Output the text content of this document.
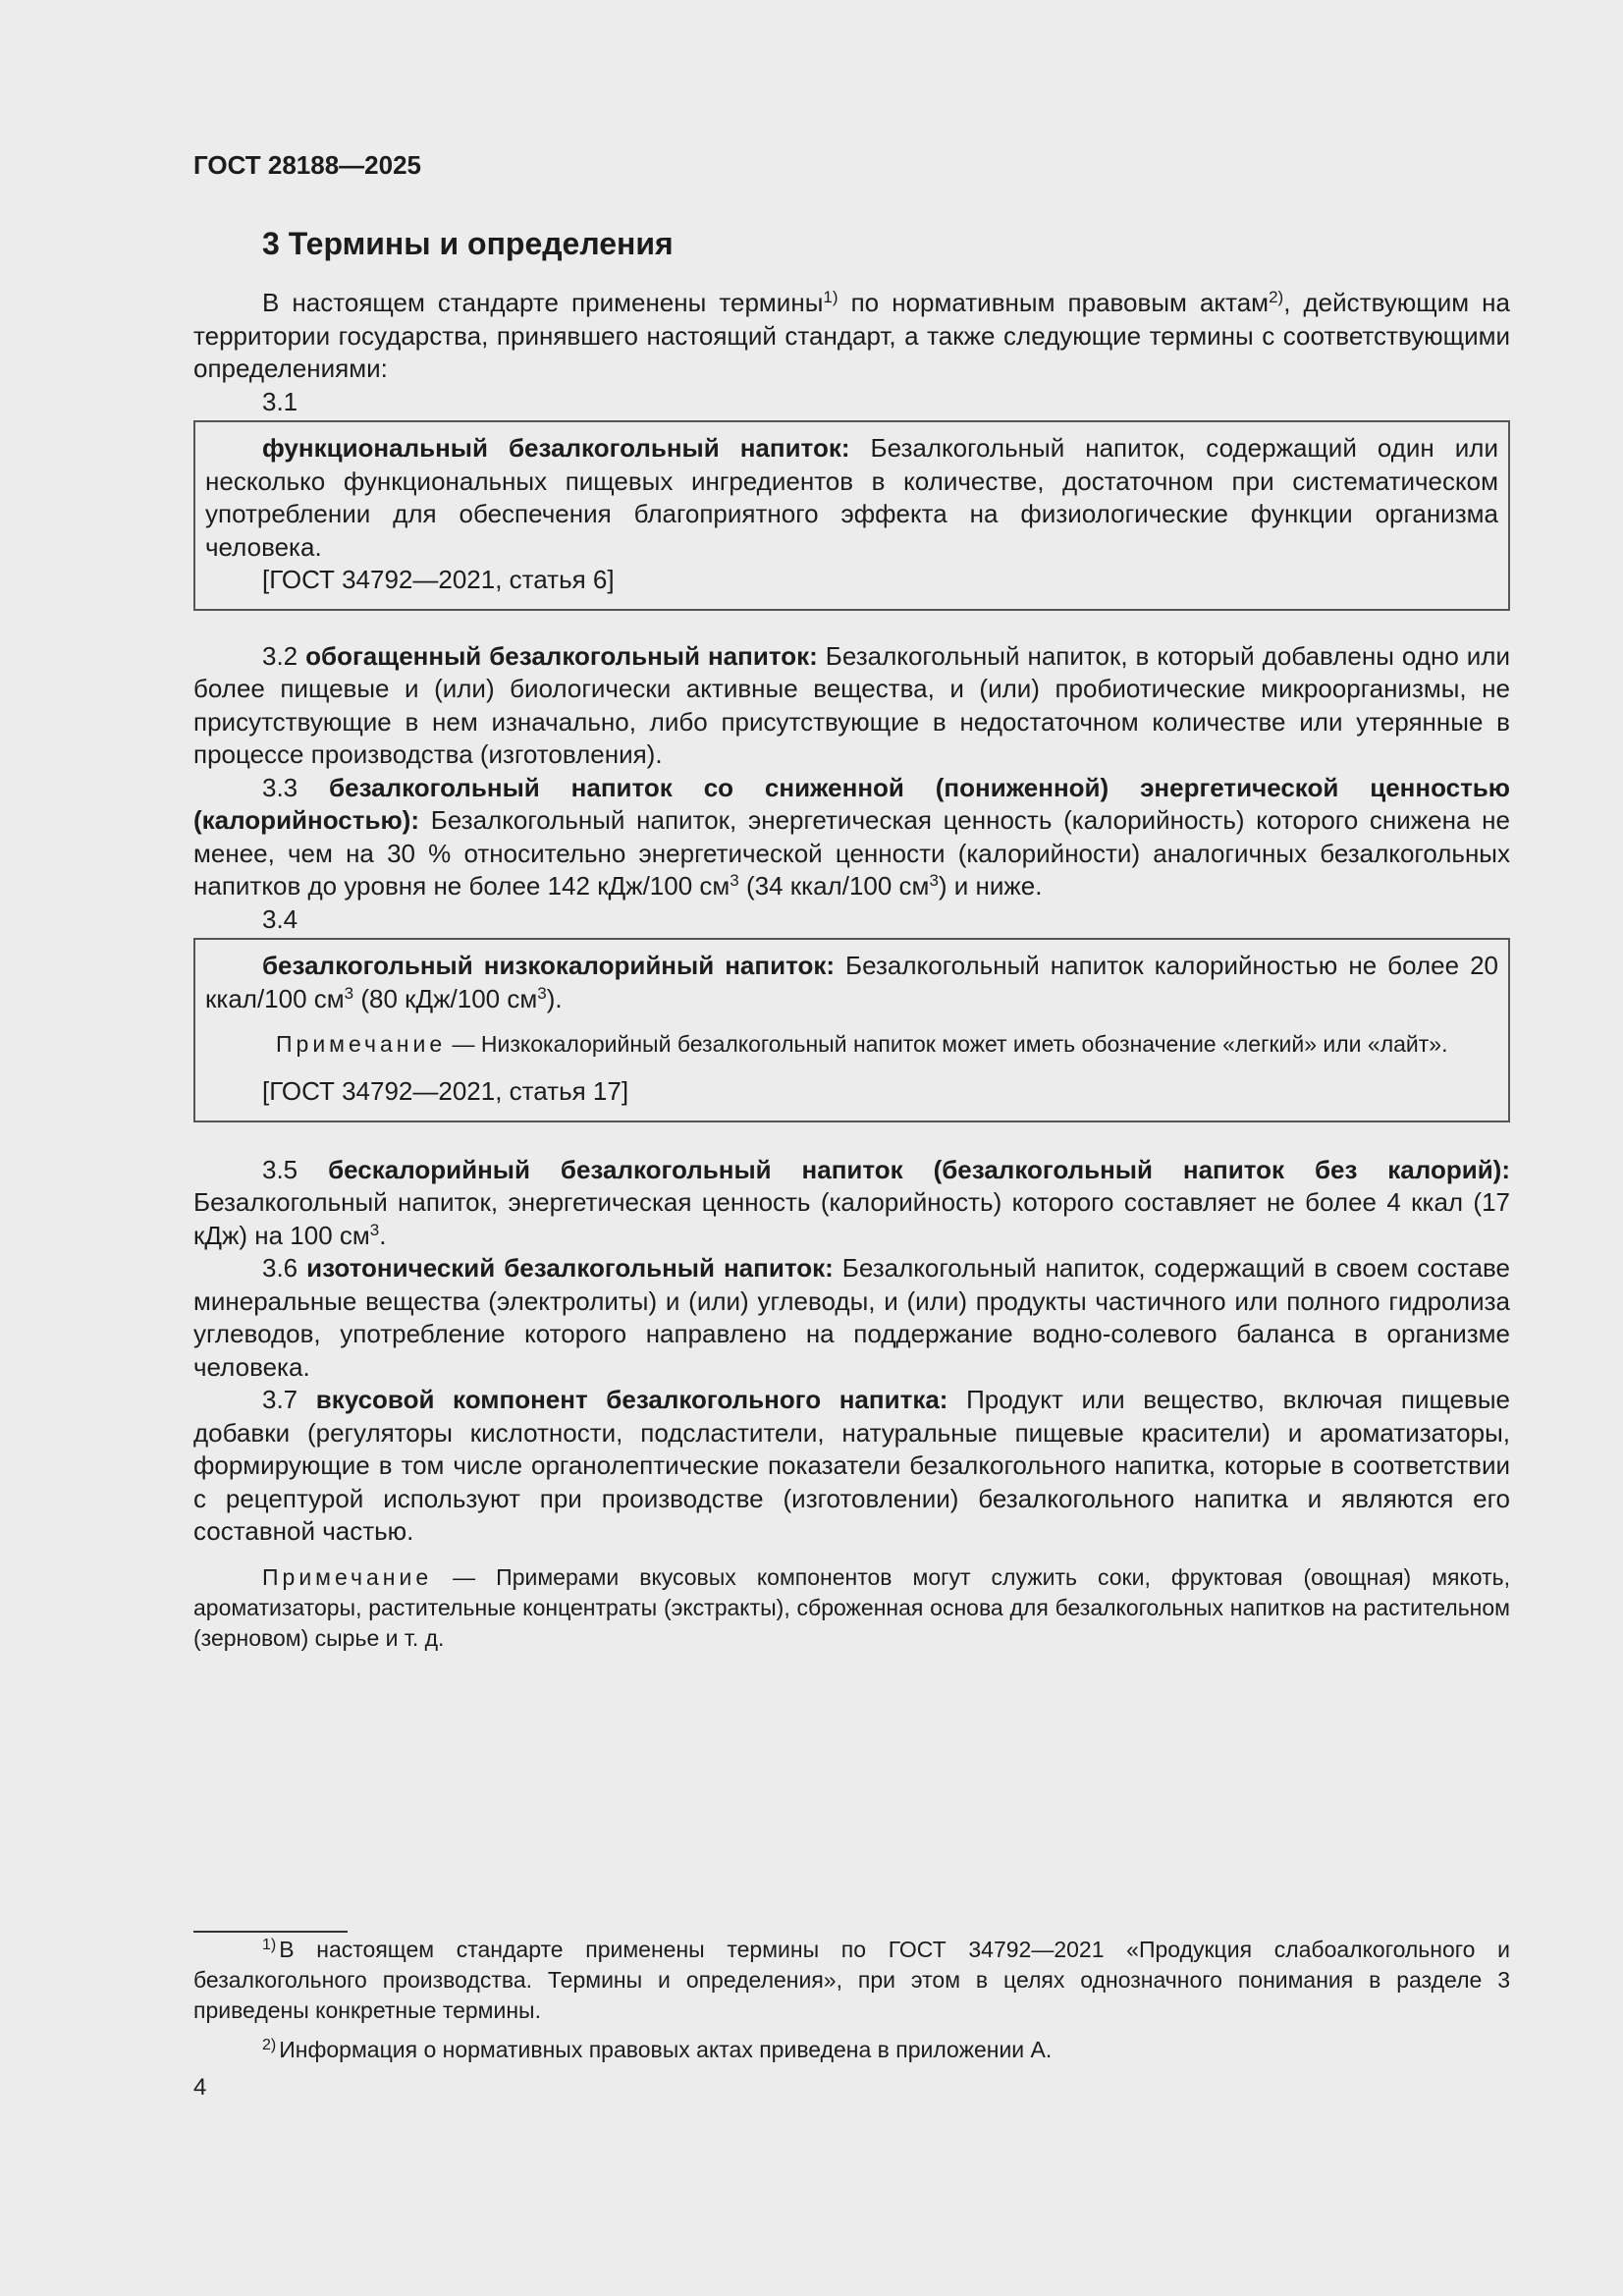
ГОСТ 28188—2025

3 Термины и определения

В настоящем стандарте применены термины$^{1)}$ по нормативным правовым актам$^{2)}$, действующим на территории государства, принявшего настоящий стандарт, а также следующие термины с соответствующими определениями:

3.1

функциональный безалкогольный напиток: Безалкогольный напиток, содержащий один или несколько функциональных пищевых ингредиентов в количестве, достаточном при систематическом употреблении для обеспечения благоприятного эффекта на физиологические функции организма человека.

[ГОСТ 34792—2021, статья 6]

3.2 обогащенный безалкогольный напиток: Безалкогольный напиток, в который добавлены одно или более пищевые и (или) биологически активные вещества, и (или) пробиотические микроорганизмы, не присутствующие в нем изначально, либо присутствующие в недостаточном количестве или утерянные в процессе производства (изготовления).

3.3 безалкогольный напиток со сниженной (пониженной) энергетической ценностью (калорийностью): Безалкогольный напиток, энергетическая ценность (калорийность) которого снижена не менее, чем на 30 % относительно энергетической ценности (калорийности) аналогичных безалкогольных напитков до уровня не более 142 кДж/100 $см^3$ (34 ккал/100 $см^3$) и ниже.

3.4

безалкогольный низкокалорийный напиток: Безалкогольный напиток калорийностью не более 20 ккал/100 $см^3$ (80 кДж/100 $см^3$).

Примечание — Низкокалорийный безалкогольный напиток может иметь обозначение «легкий» или «лайт».

[ГОСТ 34792—2021, статья 17]

3.5 бескалорийный безалкогольный напиток (безалкогольный напиток без калорий): Безалкогольный напиток, энергетическая ценность (калорийность) которого составляет не более 4 ккал (17 кДж) на 100 $см^3$.

3.6 изотонический безалкогольный напиток: Безалкогольный напиток, содержащий в своем составе минеральные вещества (электролиты) и (или) углеводы, и (или) продукты частичного или полного гидролиза углеводов, употребление которого направлено на поддержание водно-солевого баланса в организме человека.

3.7 вкусовой компонент безалкогольного напитка: Продукт или вещество, включая пищевые добавки (регуляторы кислотности, подсластители, натуральные пищевые красители) и ароматизаторы, формирующие в том числе органолептические показатели безалкогольного напитка, которые в соответствии с рецептурой используют при производстве (изготовлении) безалкогольного напитка и являются его составной частью.

Примечание — Примерами вкусовых компонентов могут служить соки, фруктовая (овощная) мякоть, ароматизаторы, растительные концентраты (экстракты), сброженная основа для безалкогольных напитков на растительном (зерновом) сырье и т. д.

$^{1)}$ В настоящем стандарте применены термины по ГОСТ 34792—2021 «Продукция слабоалкогольного и безалкогольного производства. Термины и определения», при этом в целях однозначного понимания в разделе 3 приведены конкретные термины.

$^{2)}$ Информация о нормативных правовых актах приведена в приложении А.

4
